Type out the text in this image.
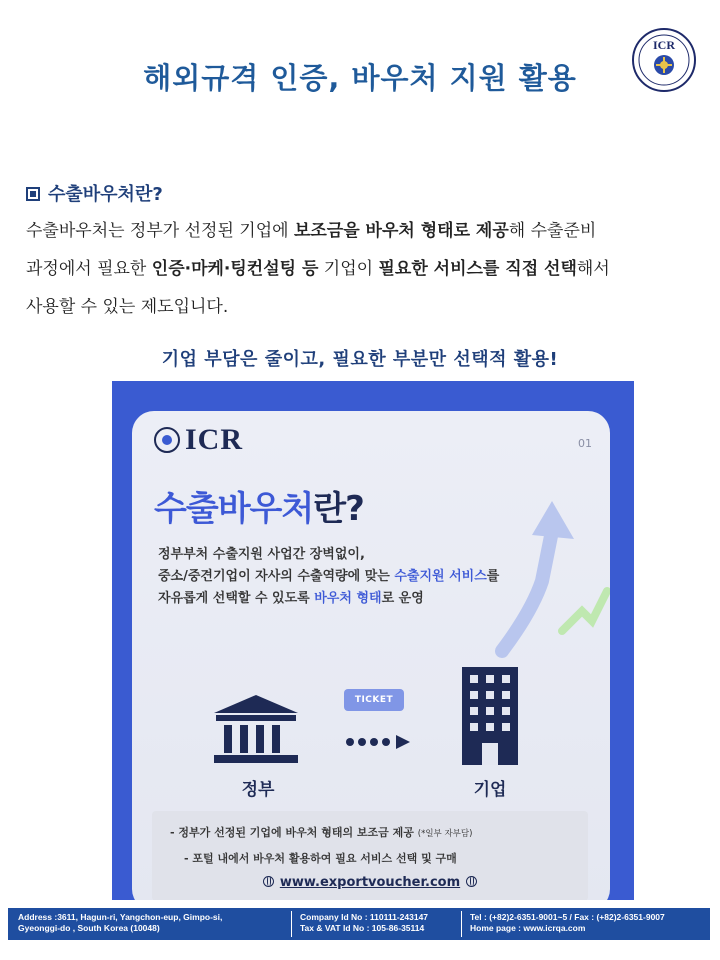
해외규격 인증, 바우처 지원 활용
ICR
수출바우처란?
수출바우처는 정부가 선정된 기업에 보조금을 바우처 형태로 제공해 수출준비
과정에서 필요한 인증·마케·팅컨설팅 등 기업이 필요한 서비스를 직접 선택해서
사용할 수 있는 제도입니다.
기업 부담은 줄이고, 필요한 부분만 선택적 활용!
ICR	01
수출바우처란?
정부부처 수출지원 사업간 장벽없이,
중소/중견기업이 자사의 수출역량에 맞는 수출지원 서비스를
자유롭게 선택할 수 있도록 바우처 형태로 운영
TICKET
정부	기업
- 정부가 선정된 기업에 바우처 형태의 보조금 제공 (*일부 자부담)
- 포털 내에서 바우처 활용하여 필요 서비스 선택 및 구매
www.exportvoucher.com
Address :3611, Hagun-ri, Yangchon-eup, Gimpo-si,
Gyeonggi-do , South Korea (10048)
Company Id No : 110111-243147
Tax & VAT Id No : 105-86-35114
Tel : (+82)2-6351-9001~5 / Fax : (+82)2-6351-9007
Home page : www.icrqa.com
